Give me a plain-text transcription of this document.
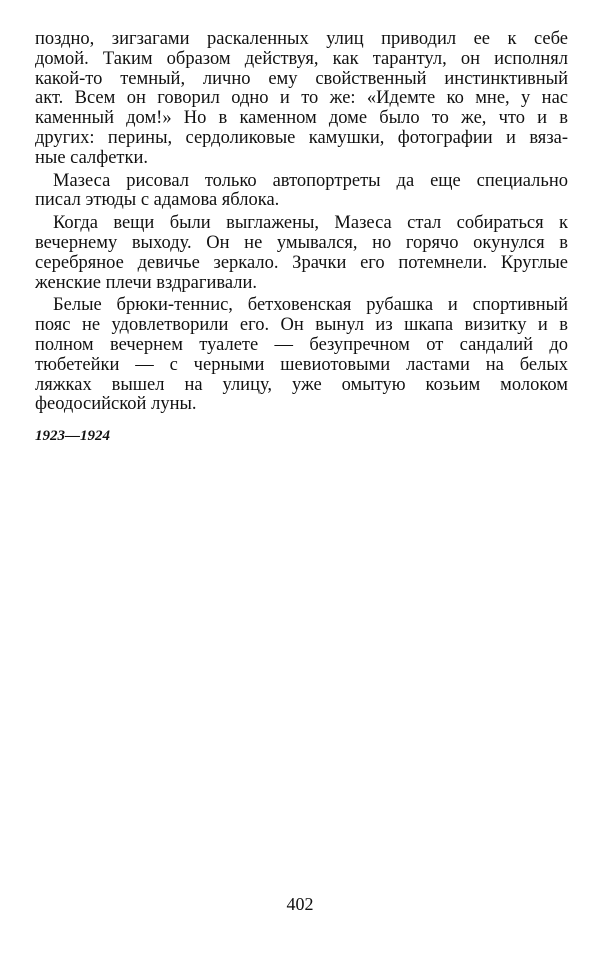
поздно, зигзагами раскаленных улиц приводил ее к себе
домой. Таким образом действуя, как тарантул, он исполнял
какой-то темный, лично ему свойственный инстинктивный
акт. Всем он говорил одно и то же: «Идемте ко мне, у нас
каменный дом!» Но в каменном доме было то же, что и в
других: перины, сердоликовые камушки, фотографии и вяза-
ные салфетки.

Мазеса рисовал только автопортреты да еще специально
писал этюды с адамова яблока.

Когда вещи были выглажены, Мазеса стал собираться к
вечернему выходу. Он не умывался, но горячо окунулся в
серебряное девичье зеркало. Зрачки его потемнели. Круглые
женские плечи вздрагивали.

Белые брюки-теннис, бетховенская рубашка и спортивный
пояс не удовлетворили его. Он вынул из шкапа визитку и в
полном вечернем туалете — безупречном от сандалий до
тюбетейки — с черными шевиотовыми ластами на белых
ляжках вышел на улицу, уже омытую козьим молоком
феодосийской луны.

1923—1924
402
